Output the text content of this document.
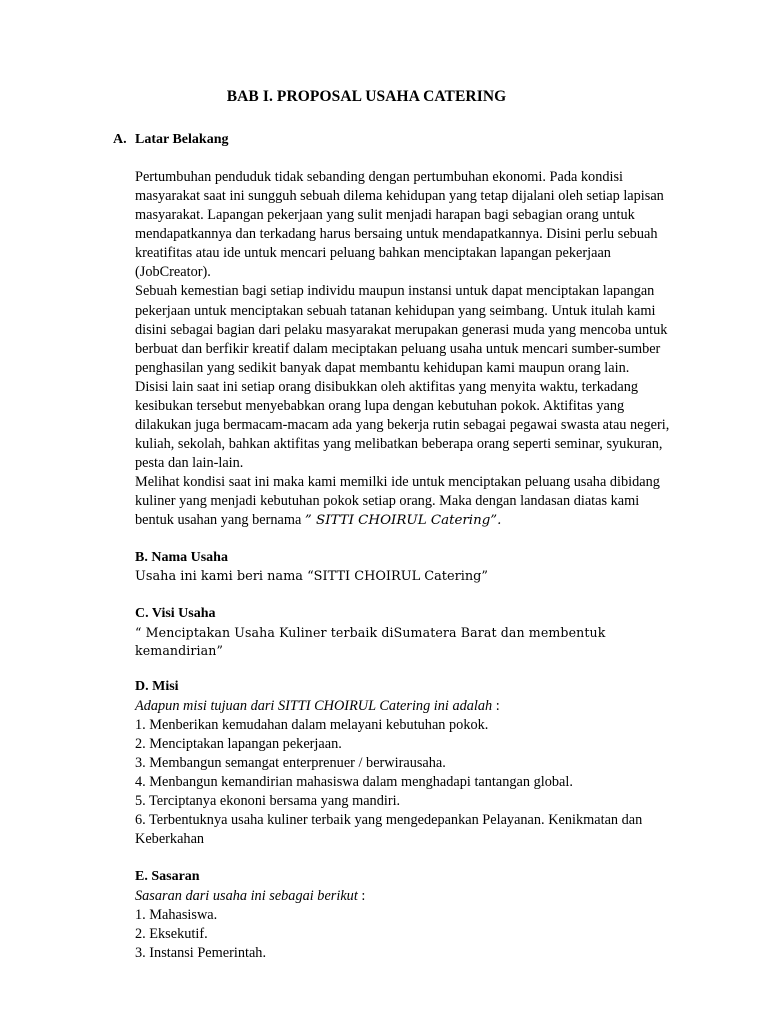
BAB I. PROPOSAL USAHA CATERING
A. Latar Belakang

Pertumbuhan penduduk tidak sebanding dengan pertumbuhan ekonomi. Pada kondisi masyarakat saat ini sungguh sebuah dilema kehidupan yang tetap dijalani oleh setiap lapisan masyarakat. Lapangan pekerjaan yang sulit menjadi harapan bagi sebagian orang untuk mendapatkannya dan terkadang harus bersaing untuk mendapatkannya. Disini perlu sebuah kreatifitas atau ide untuk mencari peluang bahkan menciptakan lapangan pekerjaan (JobCreator).

Sebuah kemestian bagi setiap individu maupun instansi untuk dapat menciptakan lapangan pekerjaan untuk menciptakan sebuah tatanan kehidupan yang seimbang. Untuk itulah kami disini sebagai bagian dari pelaku masyarakat merupakan generasi muda yang mencoba untuk berbuat dan berfikir kreatif dalam meciptakan peluang usaha untuk mencari sumber-sumber penghasilan yang sedikit banyak dapat membantu kehidupan kami maupun orang lain.

Disisi lain saat ini setiap orang disibukkan oleh aktifitas yang menyita waktu, terkadang kesibukan tersebut menyebabkan orang lupa dengan kebutuhan pokok. Aktifitas yang dilakukan juga bermacam-macam ada yang bekerja rutin sebagai pegawai swasta atau negeri, kuliah, sekolah, bahkan aktifitas yang melibatkan beberapa orang seperti seminar, syukuran, pesta dan lain-lain.

Melihat kondisi saat ini maka kami memilki ide untuk menciptakan peluang usaha dibidang kuliner yang menjadi kebutuhan pokok setiap orang. Maka dengan landasan diatas kami bentuk usahan yang bernama ” SITTI CHOIRUL Catering”.

B. Nama Usaha
Usaha ini kami beri nama “SITTI CHOIRUL Catering”
C. Visi Usaha
“ Menciptakan Usaha Kuliner terbaik diSumatera Barat dan membentuk kemandirian”
D. Misi
Adapun misi tujuan dari SITTI CHOIRUL Catering ini adalah :
1. Menberikan kemudahan dalam melayani kebutuhan pokok.
2. Menciptakan lapangan pekerjaan.
3. Membangun semangat enterprenuer / berwirausaha.
4. Menbangun kemandirian mahasiswa dalam menghadapi tantangan global.
5. Terciptanya ekononi bersama yang mandiri.
6. Terbentuknya usaha kuliner terbaik yang mengedepankan Pelayanan. Kenikmatan dan Keberkahan
E. Sasaran
Sasaran dari usaha ini sebagai berikut :
1. Mahasiswa.
2. Eksekutif.
3. Instansi Pemerintah.
